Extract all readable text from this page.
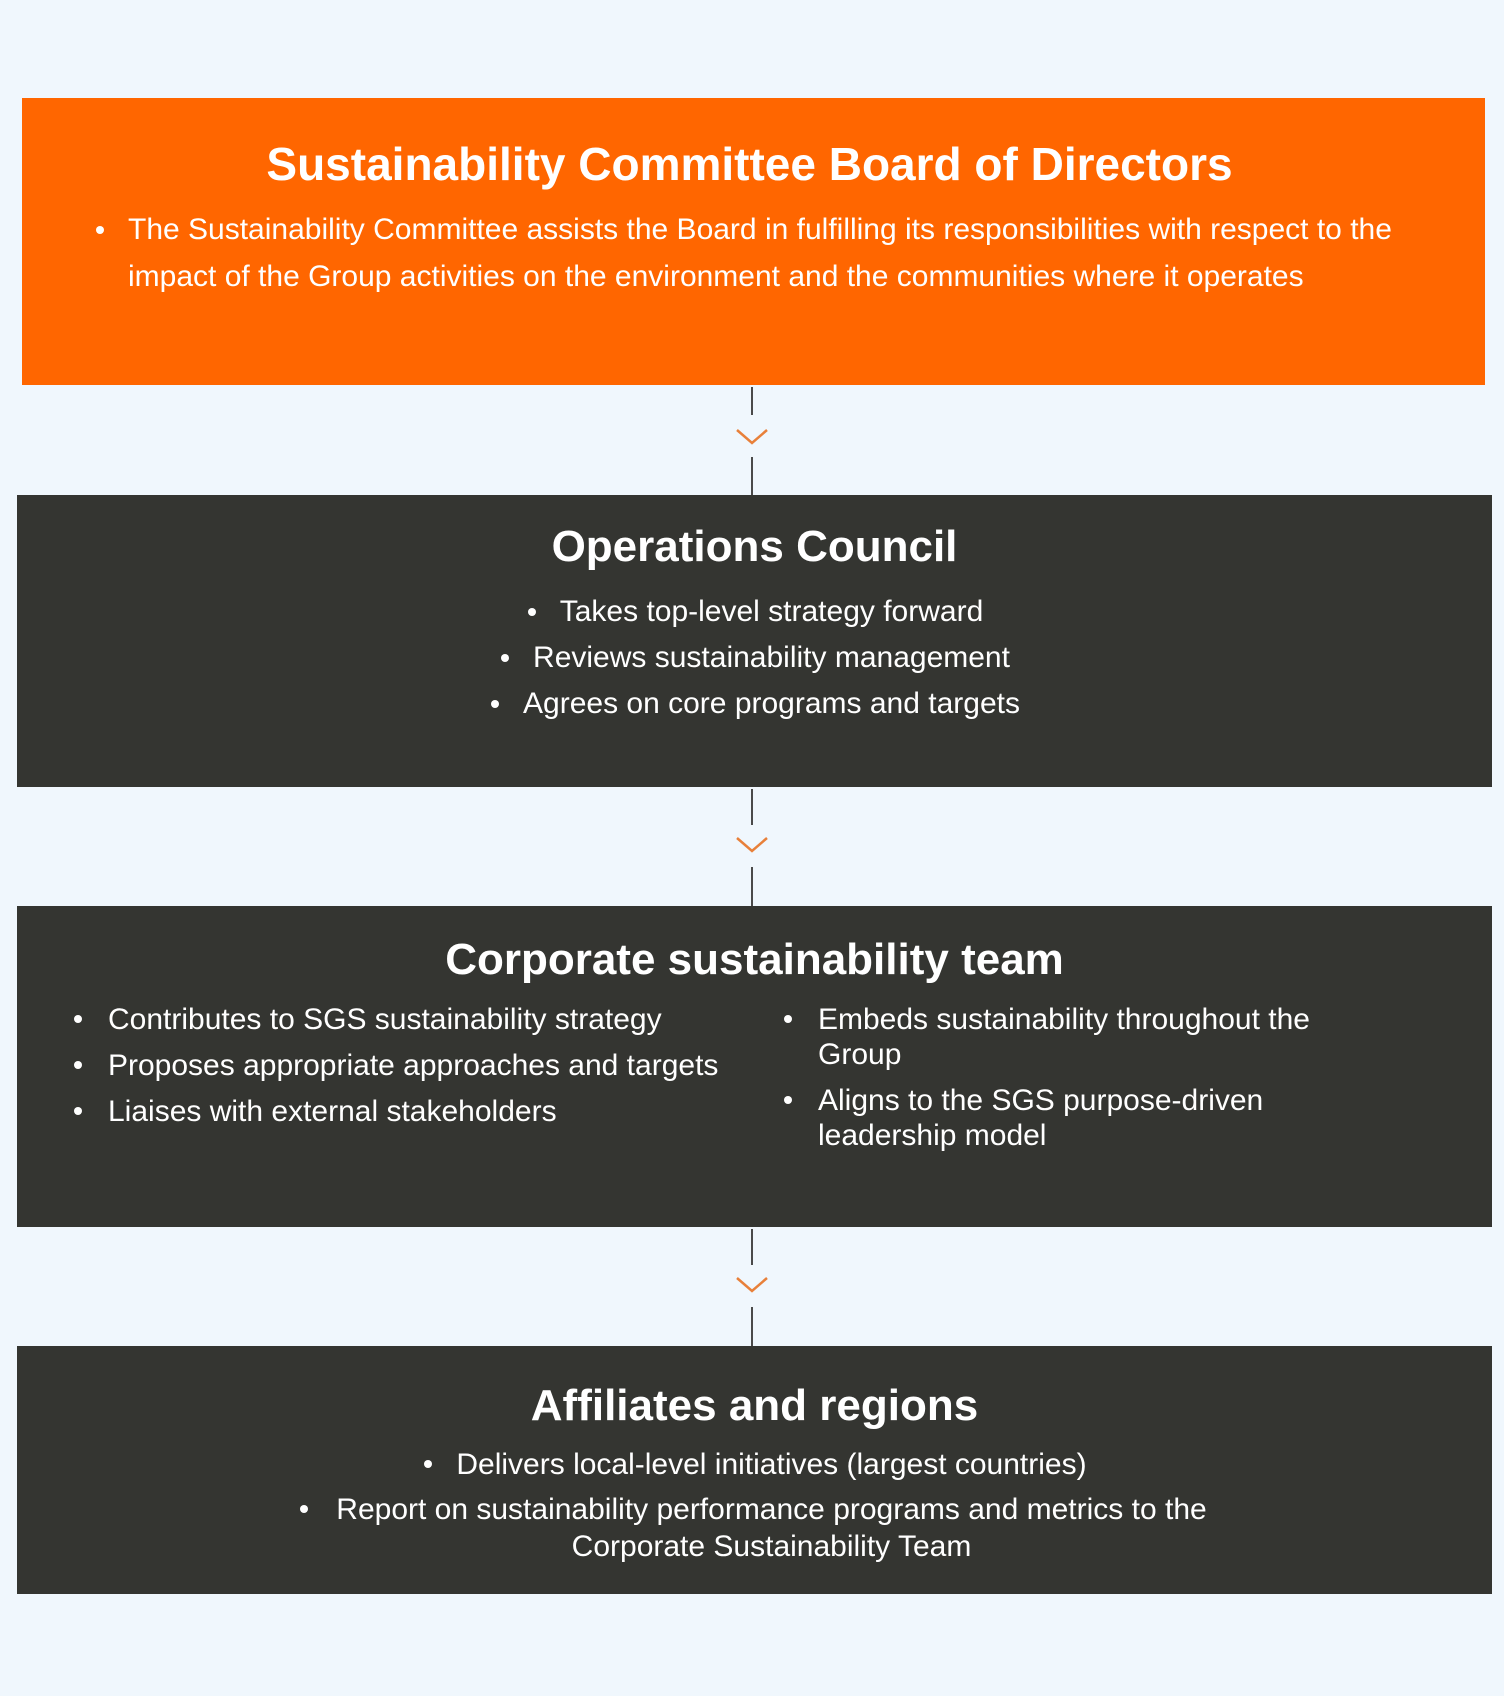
Sustainability Committee Board of Directors
The Sustainability Committee assists the Board in fulfilling its responsibilities with respect to the impact of the Group activities on the environment and the communities where it operates
Operations Council
Takes top-level strategy forward
Reviews sustainability management
Agrees on core programs and targets
Corporate sustainability team
Contributes to SGS sustainability strategy
Proposes appropriate approaches and targets
Liaises with external stakeholders
Embeds sustainability throughout the Group
Aligns to the SGS purpose-driven leadership model
Affiliates and regions
Delivers local-level initiatives (largest countries)
Report on sustainability performance programs and metrics to the Corporate Sustainability Team
